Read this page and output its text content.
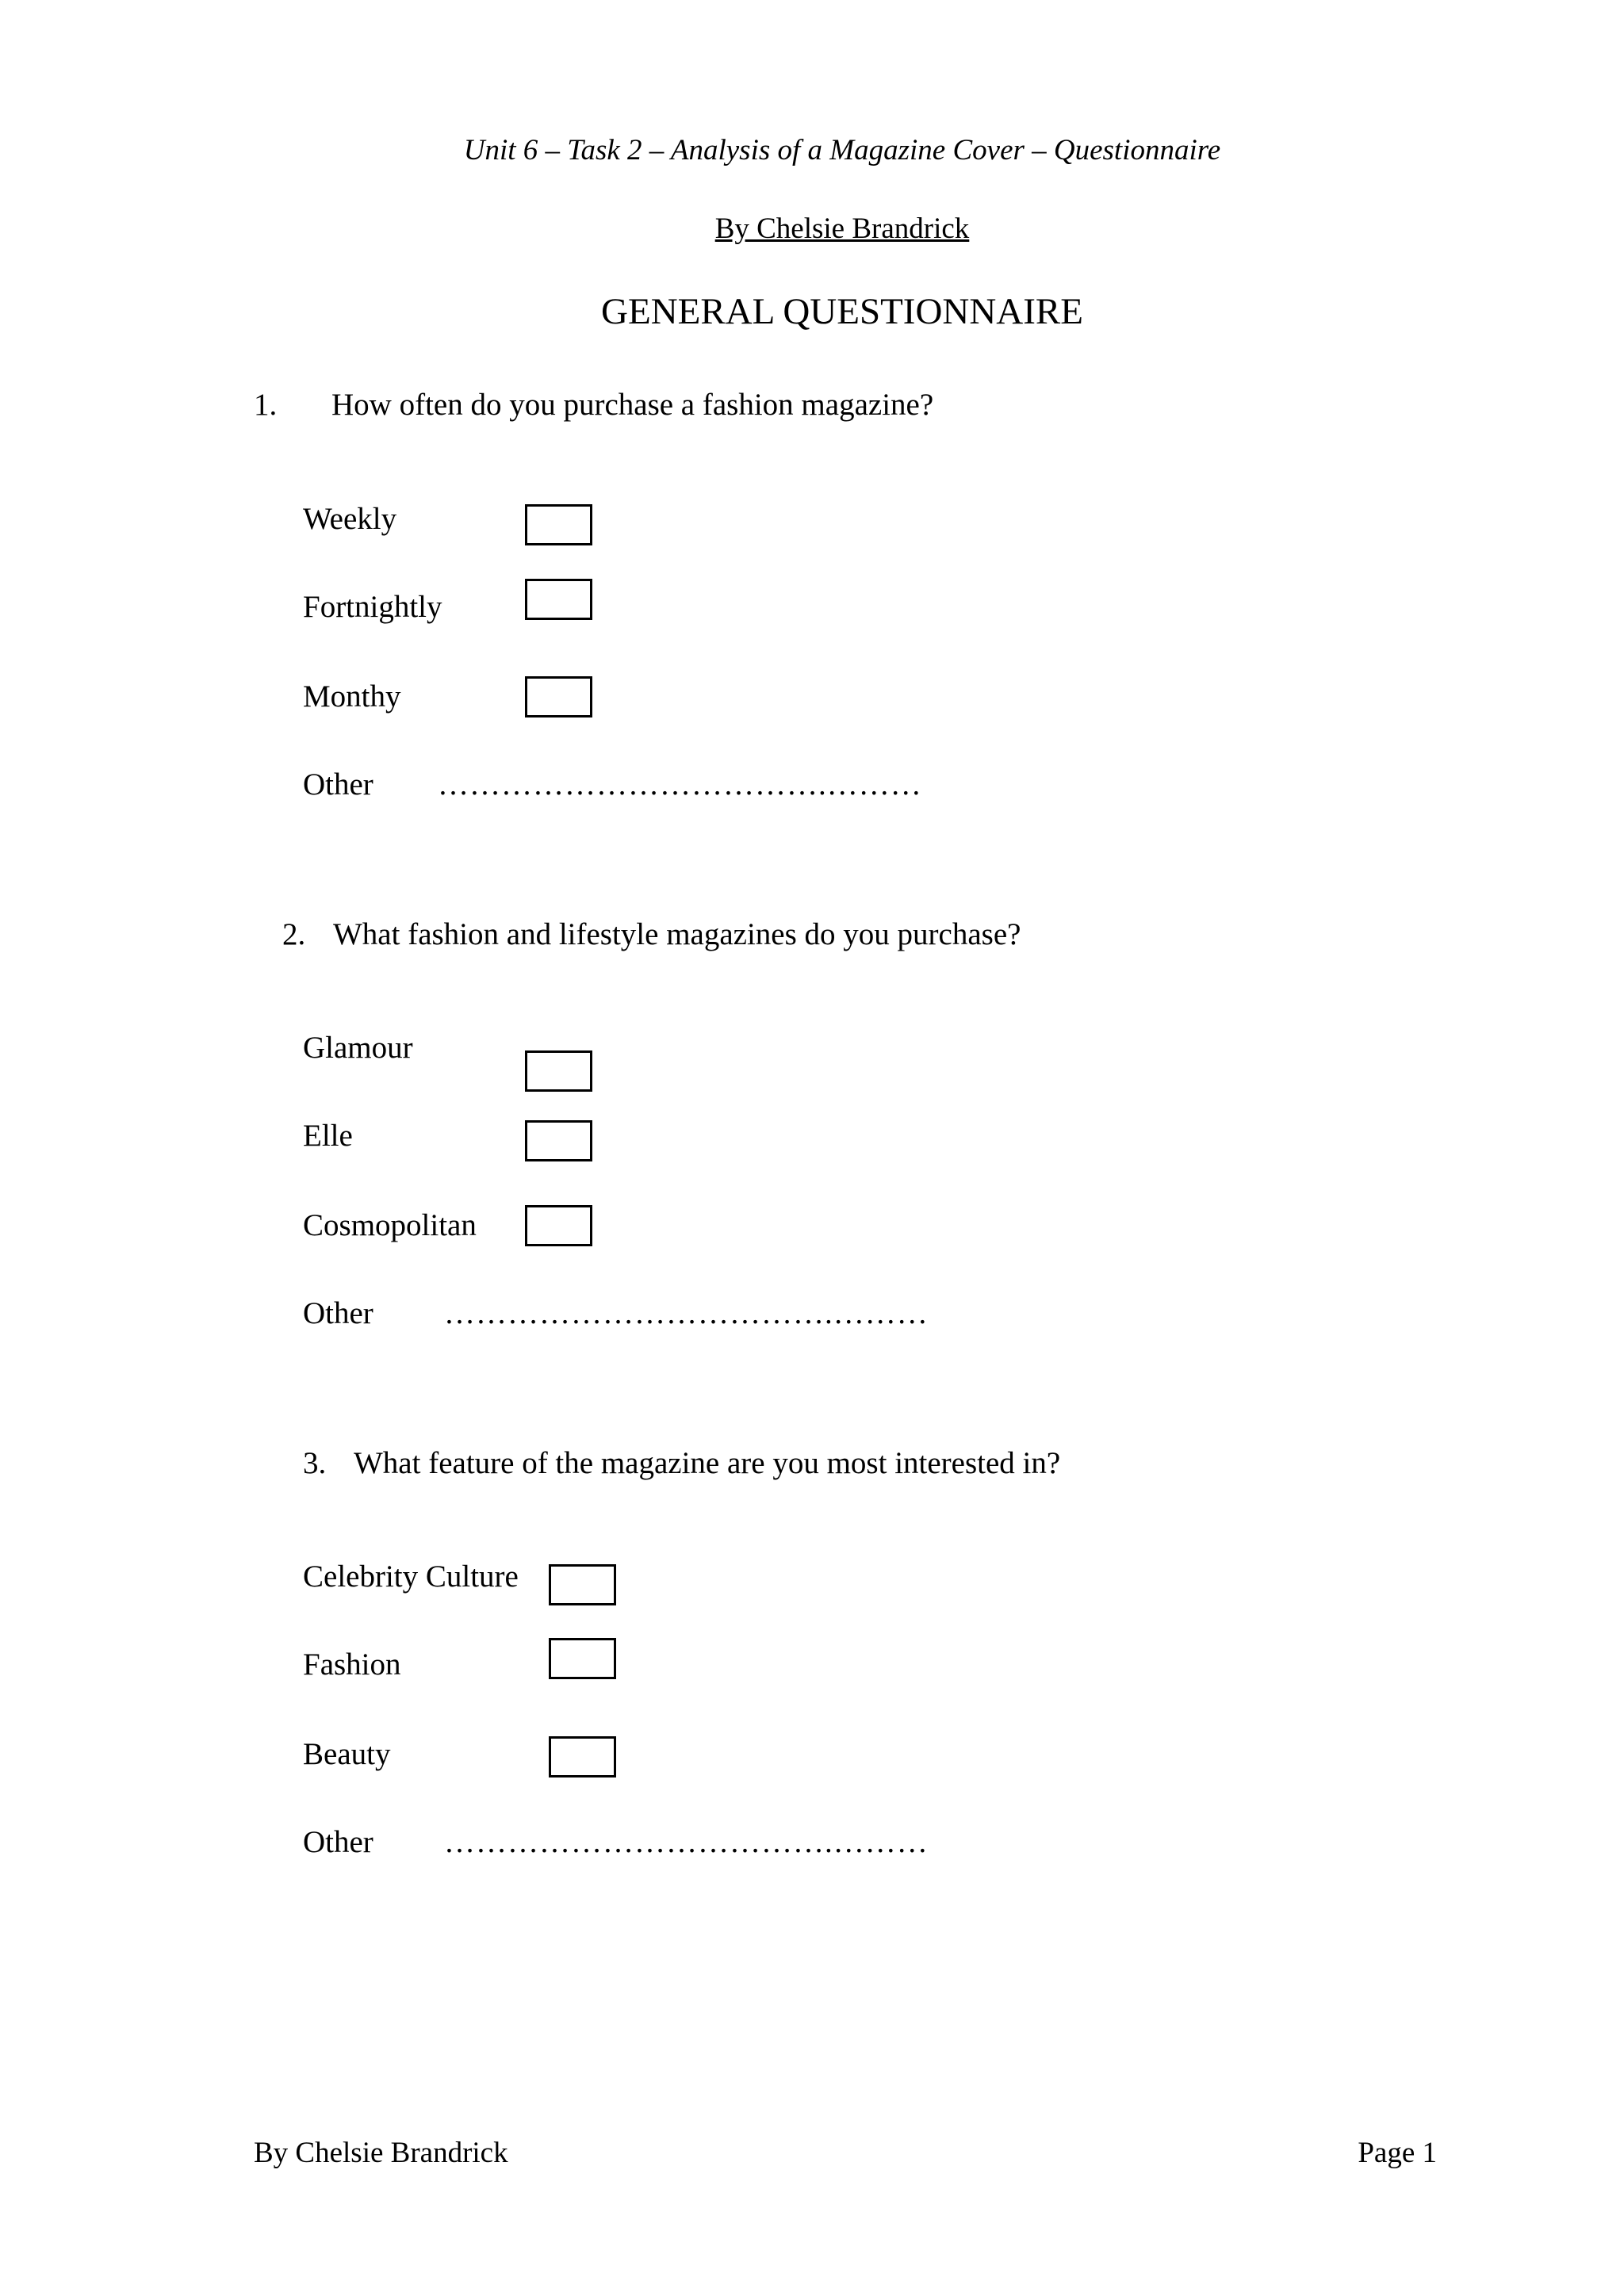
Unit 6 – Task 2 – Analysis of a Magazine Cover – Questionnaire
By Chelsie Brandrick
GENERAL QUESTIONNAIRE
1. How often do you purchase a fashion magazine?
Weekly
Fortnightly
Monthy
Other ……………………………….………
2. What fashion and lifestyle magazines do you purchase?
Glamour
Elle
Cosmopolitan
Other ……………………………….………
3. What feature of the magazine are you most interested in?
Celebrity Culture
Fashion
Beauty
Other ……………………………….………
By Chelsie Brandrick	Page 1
